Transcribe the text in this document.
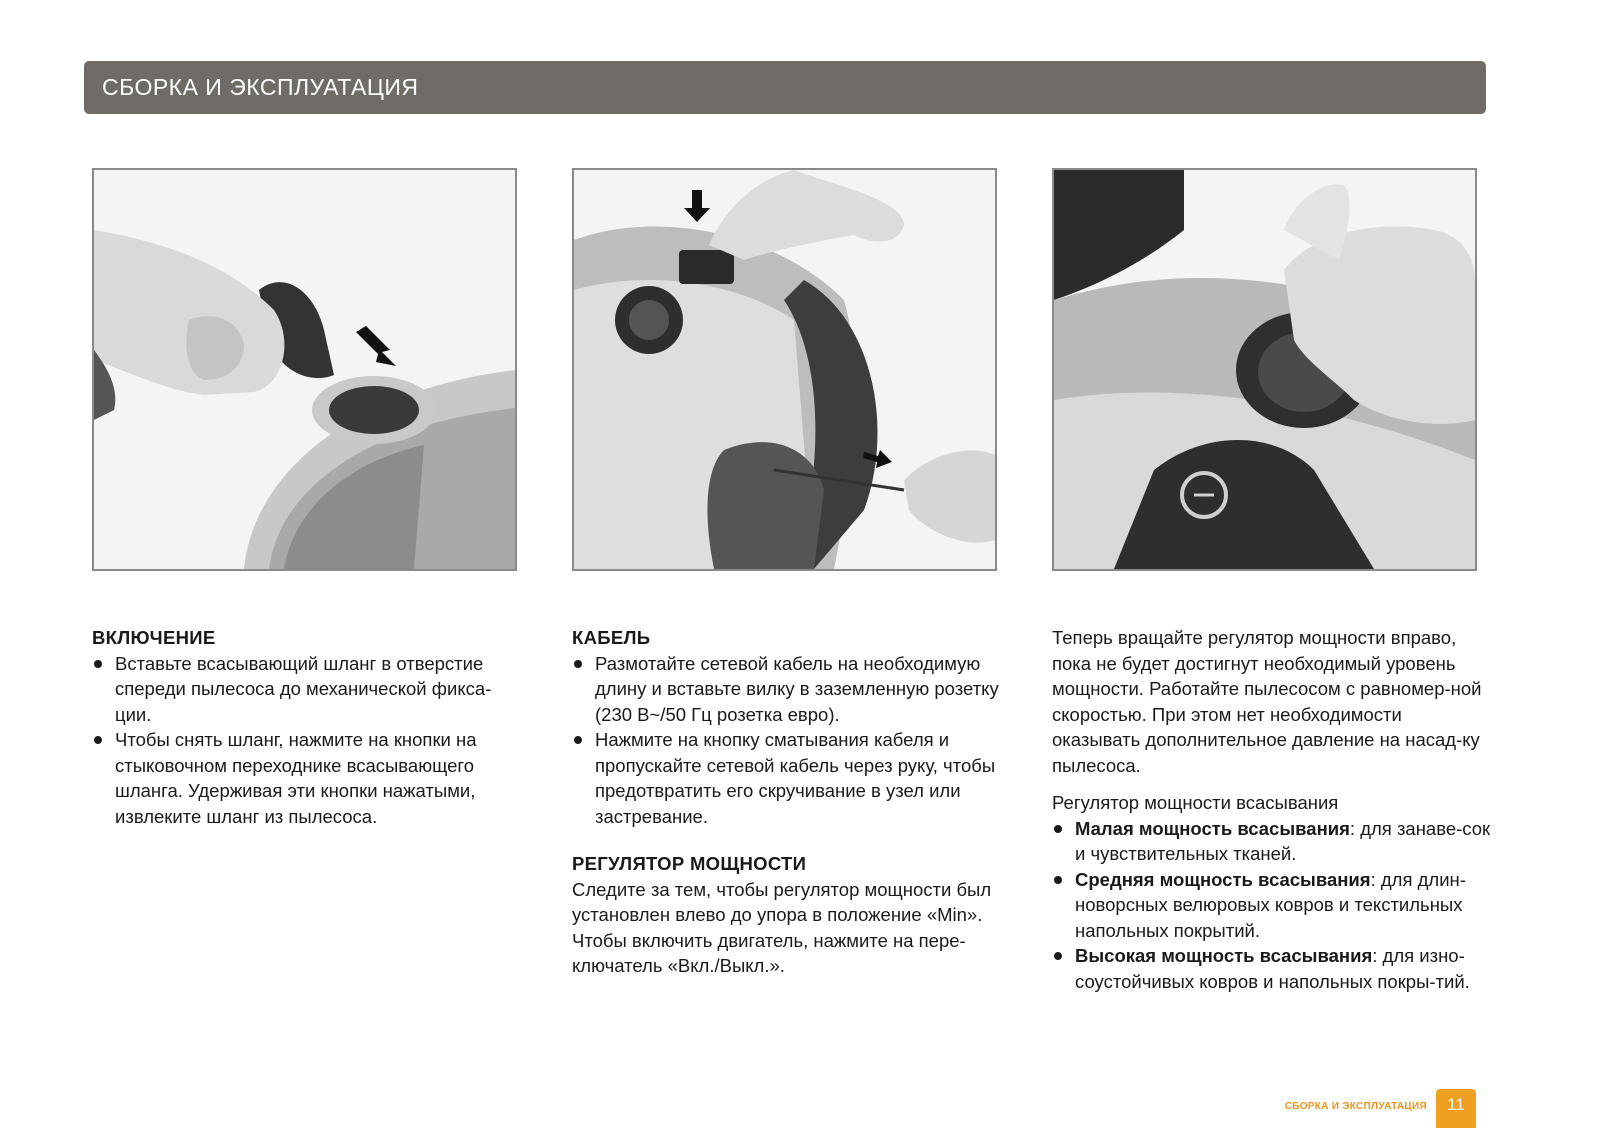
СБОРКА И ЭКСПЛУАТАЦИЯ
ВКЛЮЧЕНИЕ
Вставьте всасывающий шланг в отверстие спереди пылесоса до механической фикса-ции.
Чтобы снять шланг, нажмите на кнопки на стыковочном переходнике всасывающего шланга. Удерживая эти кнопки нажатыми, извлеките шланг из пылесоса.
КАБЕЛЬ
Размотайте сетевой кабель на необходимую длину и вставьте вилку в заземленную розетку (230 В~/50 Гц розетка евро).
Нажмите на кнопку сматывания кабеля и пропускайте сетевой кабель через руку, чтобы предотвратить его скручивание в узел или застревание.
РЕГУЛЯТОР МОЩНОСТИ

Следите за тем, чтобы регулятор мощности был установлен влево до упора в положение «Min». Чтобы включить двигатель, нажмите на пере-ключатель «Вкл./Выкл.».

Теперь вращайте регулятор мощности вправо, пока не будет достигнут необходимый уровень мощности. Работайте пылесосом с равномер-ной скоростью. При этом нет необходимости оказывать дополнительное давление на насад-ку пылесоса.

Регулятор мощности всасывания

Малая мощность всасывания: для занаве-сок и чувствительных тканей.
Средняя мощность всасывания: для длин-новорсных велюровых ковров и текстильных напольных покрытий.
Высокая мощность всасывания: для изно-соустойчивых ковров и напольных покры-тий.
СБОРКА И ЭКСПЛУАТАЦИЯ	11
